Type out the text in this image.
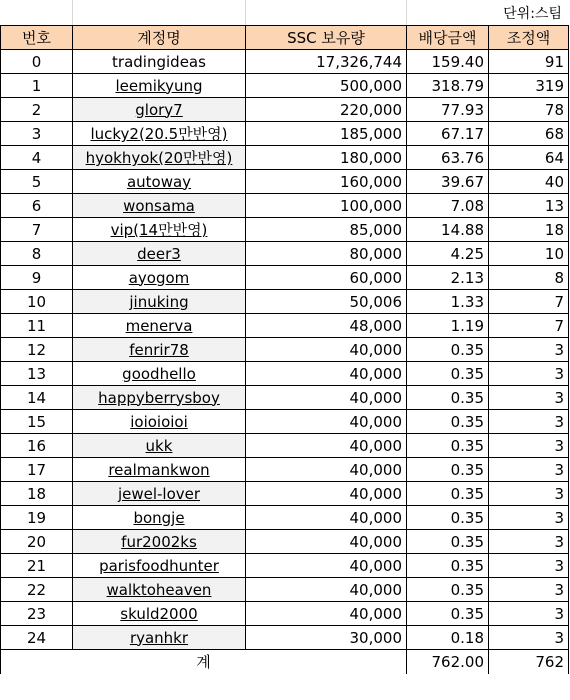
단위:스팀
번호	계정명	SSC 보유량	배당금액	조정액
0	tradingideas	17,326,744	159.40	91
1	leemikyung	500,000	318.79	319
2	glory7	220,000	77.93	78
3	lucky2(20.5만반영)	185,000	67.17	68
4	hyokhyok(20만반영)	180,000	63.76	64
5	autoway	160,000	39.67	40
6	wonsama	100,000	7.08	13
7	vip(14만반영)	85,000	14.88	18
8	deer3	80,000	4.25	10
9	ayogom	60,000	2.13	8
10	jinuking	50,006	1.33	7
11	menerva	48,000	1.19	7
12	fenrir78	40,000	0.35	3
13	goodhello	40,000	0.35	3
14	happyberrysboy	40,000	0.35	3
15	ioioioioi	40,000	0.35	3
16	ukk	40,000	0.35	3
17	realmankwon	40,000	0.35	3
18	jewel-lover	40,000	0.35	3
19	bongje	40,000	0.35	3
20	fur2002ks	40,000	0.35	3
21	parisfoodhunter	40,000	0.35	3
22	walktoheaven	40,000	0.35	3
23	skuld2000	40,000	0.35	3
24	ryanhkr	30,000	0.18	3
계			762.00	762
